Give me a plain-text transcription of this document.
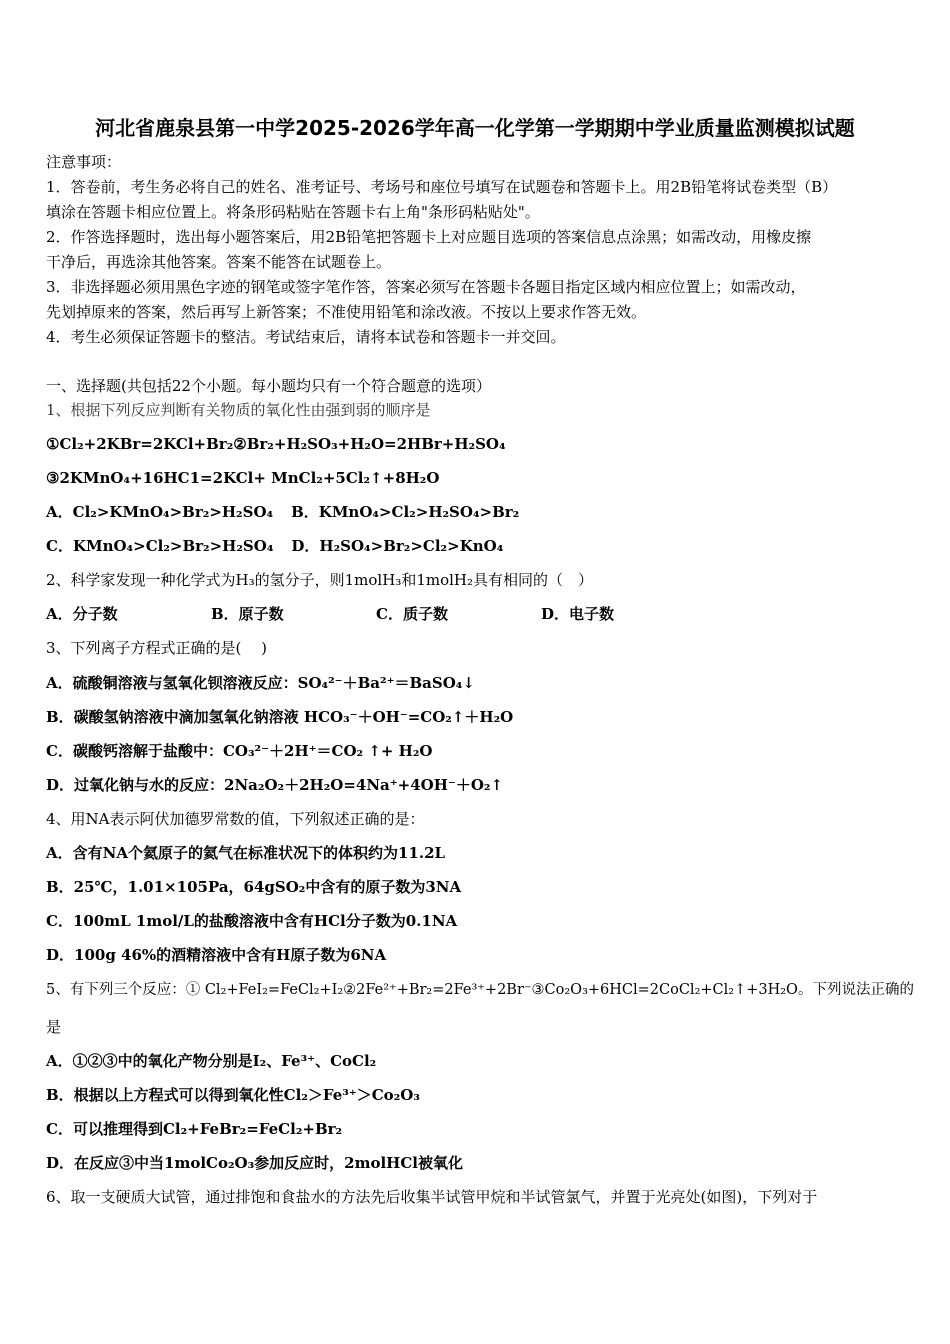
河北省鹿泉县第一中学2025-2026学年高一化学第一学期期中学业质量监测模拟试题
注意事项：
1．答卷前，考生务必将自己的姓名、准考证号、考场号和座位号填写在试题卷和答题卡上。用2B铅笔将试卷类型（B）
填涂在答题卡相应位置上。将条形码粘贴在答题卡右上角"条形码粘贴处"。
2．作答选择题时，选出每小题答案后，用2B铅笔把答题卡上对应题目选项的答案信息点涂黑；如需改动，用橡皮擦
干净后，再选涂其他答案。答案不能答在试题卷上。
3．非选择题必须用黑色字迹的钢笔或签字笔作答，答案必须写在答题卡各题目指定区域内相应位置上；如需改动，
先划掉原来的答案，然后再写上新答案；不准使用铅笔和涂改液。不按以上要求作答无效。
4．考生必须保证答题卡的整洁。考试结束后，请将本试卷和答题卡一并交回。
一、选择题(共包括22个小题。每小题均只有一个符合题意的选项）
1、根据下列反应判断有关物质的氧化性由强到弱的顺序是
①Cl₂+2KBr=2KCl+Br₂②Br₂+H₂SO₃+H₂O=2HBr+H₂SO₄
③2KMnO₄+16HC1=2KCl+ MnCl₂+5Cl₂↑+8H₂O
A．Cl₂>KMnO₄>Br₂>H₂SO₄ B．KMnO₄>Cl₂>H₂SO₄>Br₂
C．KMnO₄>Cl₂>Br₂>H₂SO₄ D．H₂SO₄>Br₂>Cl₂>KnO₄
2、科学家发现一种化学式为H₃的氢分子，则1molH₃和1molH₂具有相同的（　）
A．分子数	B．原子数	C．质子数	D．电子数
3、下列离子方程式正确的是(　 )
A．硫酸铜溶液与氢氧化钡溶液反应：SO₄²⁻＋Ba²⁺＝BaSO₄↓
B．碳酸氢钠溶液中滴加氢氧化钠溶液 HCO₃⁻＋OH⁻=CO₂↑＋H₂O
C．碳酸钙溶解于盐酸中：CO₃²⁻＋2H⁺＝CO₂ ↑+ H₂O
D．过氧化钠与水的反应：2Na₂O₂＋2H₂O=4Na⁺+4OH⁻＋O₂↑
4、用NA表示阿伏加德罗常数的值，下列叙述正确的是：
A．含有NA个氦原子的氦气在标准状况下的体积约为11.2L
B．25℃，1.01×105Pa，64gSO₂中含有的原子数为3NA
C．100mL 1mol/L的盐酸溶液中含有HCl分子数为0.1NA
D．100g 46%的酒精溶液中含有H原子数为6NA
5、有下列三个反应：① Cl₂+FeI₂=FeCl₂+I₂②2Fe²⁺+Br₂=2Fe³⁺+2Br⁻③Co₂O₃+6HCl=2CoCl₂+Cl₂↑+3H₂O。下列说法正确的
是
A．①②③中的氧化产物分别是I₂、Fe³⁺、CoCl₂
B．根据以上方程式可以得到氧化性Cl₂＞Fe³⁺＞Co₂O₃
C．可以推理得到Cl₂+FeBr₂=FeCl₂+Br₂
D．在反应③中当1molCo₂O₃参加反应时，2molHCl被氧化
6、取一支硬质大试管，通过排饱和食盐水的方法先后收集半试管甲烷和半试管氯气，并置于光亮处(如图)，下列对于
